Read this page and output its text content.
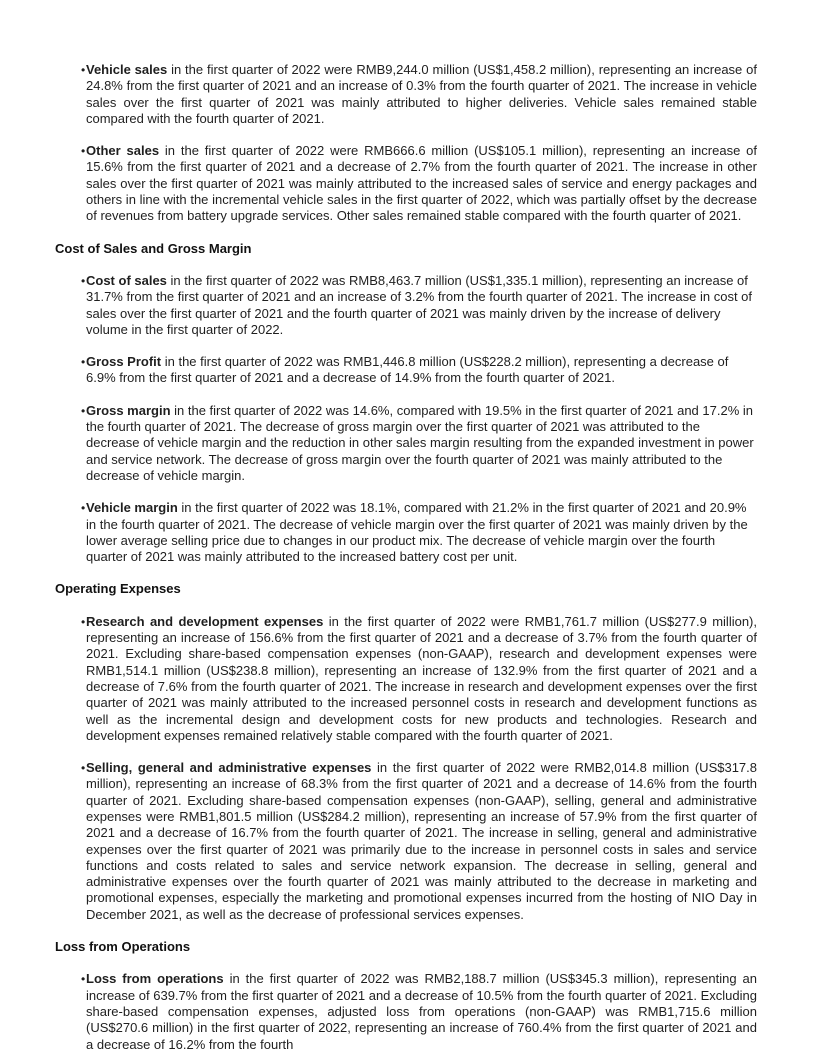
• Vehicle sales in the first quarter of 2022 were RMB9,244.0 million (US$1,458.2 million), representing an increase of 24.8% from the first quarter of 2021 and an increase of 0.3% from the fourth quarter of 2021. The increase in vehicle sales over the first quarter of 2021 was mainly attributed to higher deliveries. Vehicle sales remained stable compared with the fourth quarter of 2021.

• Other sales in the first quarter of 2022 were RMB666.6 million (US$105.1 million), representing an increase of 15.6% from the first quarter of 2021 and a decrease of 2.7% from the fourth quarter of 2021. The increase in other sales over the first quarter of 2021 was mainly attributed to the increased sales of service and energy packages and others in line with the incremental vehicle sales in the first quarter of 2022, which was partially offset by the decrease of revenues from battery upgrade services. Other sales remained stable compared with the fourth quarter of 2021.

Cost of Sales and Gross Margin
• Cost of sales in the first quarter of 2022 was RMB8,463.7 million (US$1,335.1 million), representing an increase of 31.7% from the first quarter of 2021 and an increase of 3.2% from the fourth quarter of 2021. The increase in cost of sales over the first quarter of 2021 and the fourth quarter of 2021 was mainly driven by the increase of delivery volume in the first quarter of 2022.

• Gross Profit in the first quarter of 2022 was RMB1,446.8 million (US$228.2 million), representing a decrease of 6.9% from the first quarter of 2021 and a decrease of 14.9% from the fourth quarter of 2021.

• Gross margin in the first quarter of 2022 was 14.6%, compared with 19.5% in the first quarter of 2021 and 17.2% in the fourth quarter of 2021. The decrease of gross margin over the first quarter of 2021 was attributed to the decrease of vehicle margin and the reduction in other sales margin resulting from the expanded investment in power and service network. The decrease of gross margin over the fourth quarter of 2021 was mainly attributed to the decrease of vehicle margin.

• Vehicle margin in the first quarter of 2022 was 18.1%, compared with 21.2% in the first quarter of 2021 and 20.9% in the fourth quarter of 2021. The decrease of vehicle margin over the first quarter of 2021 was mainly driven by the lower average selling price due to changes in our product mix. The decrease of vehicle margin over the fourth quarter of 2021 was mainly attributed to the increased battery cost per unit.

Operating Expenses
• Research and development expenses in the first quarter of 2022 were RMB1,761.7 million (US$277.9 million), representing an increase of 156.6% from the first quarter of 2021 and a decrease of 3.7% from the fourth quarter of 2021. Excluding share-based compensation expenses (non-GAAP), research and development expenses were RMB1,514.1 million (US$238.8 million), representing an increase of 132.9% from the first quarter of 2021 and a decrease of 7.6% from the fourth quarter of 2021. The increase in research and development expenses over the first quarter of 2021 was mainly attributed to the increased personnel costs in research and development functions as well as the incremental design and development costs for new products and technologies. Research and development expenses remained relatively stable compared with the fourth quarter of 2021.

• Selling, general and administrative expenses in the first quarter of 2022 were RMB2,014.8 million (US$317.8 million), representing an increase of 68.3% from the first quarter of 2021 and a decrease of 14.6% from the fourth quarter of 2021. Excluding share-based compensation expenses (non-GAAP), selling, general and administrative expenses were RMB1,801.5 million (US$284.2 million), representing an increase of 57.9% from the first quarter of 2021 and a decrease of 16.7% from the fourth quarter of 2021. The increase in selling, general and administrative expenses over the first quarter of 2021 was primarily due to the increase in personnel costs in sales and service functions and costs related to sales and service network expansion. The decrease in selling, general and administrative expenses over the fourth quarter of 2021 was mainly attributed to the decrease in marketing and promotional expenses, especially the marketing and promotional expenses incurred from the hosting of NIO Day in December 2021, as well as the decrease of professional services expenses.

Loss from Operations
• Loss from operations in the first quarter of 2022 was RMB2,188.7 million (US$345.3 million), representing an increase of 639.7% from the first quarter of 2021 and a decrease of 10.5% from the fourth quarter of 2021. Excluding share-based compensation expenses, adjusted loss from operations (non-GAAP) was RMB1,715.6 million (US$270.6 million) in the first quarter of 2022, representing an increase of 760.4% from the first quarter of 2021 and a decrease of 16.2% from the fourth
